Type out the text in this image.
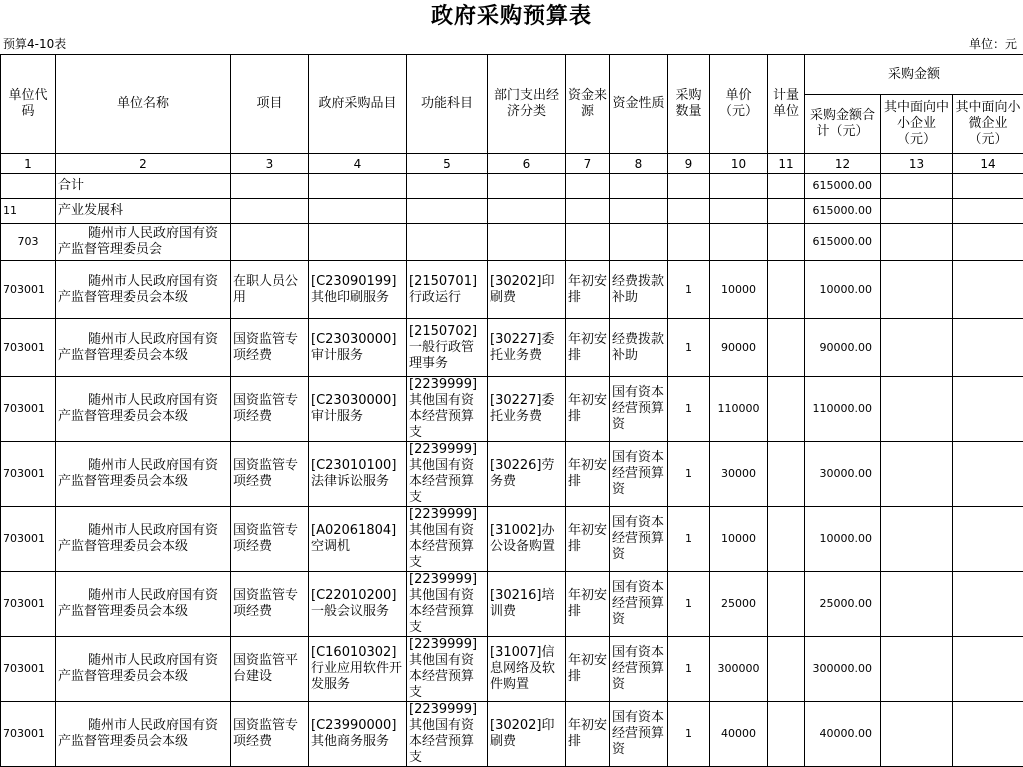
政府采购预算表
预算4-10表	单位：元
单位代码	单位名称	项目	政府采购品目	功能科目	部门支出经济分类	资金来源	资金性质	采购数量	单价（元）	计量单位	采购金额		
											采购金额合计（元）	其中面向中小企业（元）	其中面向小微企业（元）
1	2	3	4	5	6	7	8	9	10	11	12	13	14
	合计										615000.00		
11	产业发展科										615000.00		
703	随州市人民政府国有资产监督管理委员会										615000.00		
703001	随州市人民政府国有资产监督管理委员会本级	在职人员公用	[C23090199]其他印刷服务	[2150701]行政运行	[30202]印刷费	年初安排	经费拨款补助	1	10000		10000.00		
703001	随州市人民政府国有资产监督管理委员会本级	国资监管专项经费	[C23030000]审计服务	[2150702]一般行政管理事务	[30227]委托业务费	年初安排	经费拨款补助	1	90000		90000.00		
703001	随州市人民政府国有资产监督管理委员会本级	国资监管专项经费	[C23030000]审计服务	[2239999]其他国有资本经营预算支	[30227]委托业务费	年初安排	国有资本经营预算资	1	110000		110000.00		
703001	随州市人民政府国有资产监督管理委员会本级	国资监管专项经费	[C23010100]法律诉讼服务	[2239999]其他国有资本经营预算支	[30226]劳务费	年初安排	国有资本经营预算资	1	30000		30000.00		
703001	随州市人民政府国有资产监督管理委员会本级	国资监管专项经费	[A02061804]空调机	[2239999]其他国有资本经营预算支	[31002]办公设备购置	年初安排	国有资本经营预算资	1	10000		10000.00		
703001	随州市人民政府国有资产监督管理委员会本级	国资监管专项经费	[C22010200]一般会议服务	[2239999]其他国有资本经营预算支	[30216]培训费	年初安排	国有资本经营预算资	1	25000		25000.00		
703001	随州市人民政府国有资产监督管理委员会本级	国资监管平台建设	[C16010302]行业应用软件开发服务	[2239999]其他国有资本经营预算支	[31007]信息网络及软件购置	年初安排	国有资本经营预算资	1	300000		300000.00		
703001	随州市人民政府国有资产监督管理委员会本级	国资监管专项经费	[C23990000]其他商务服务	[2239999]其他国有资本经营预算支	[30202]印刷费	年初安排	国有资本经营预算资	1	40000		40000.00		
